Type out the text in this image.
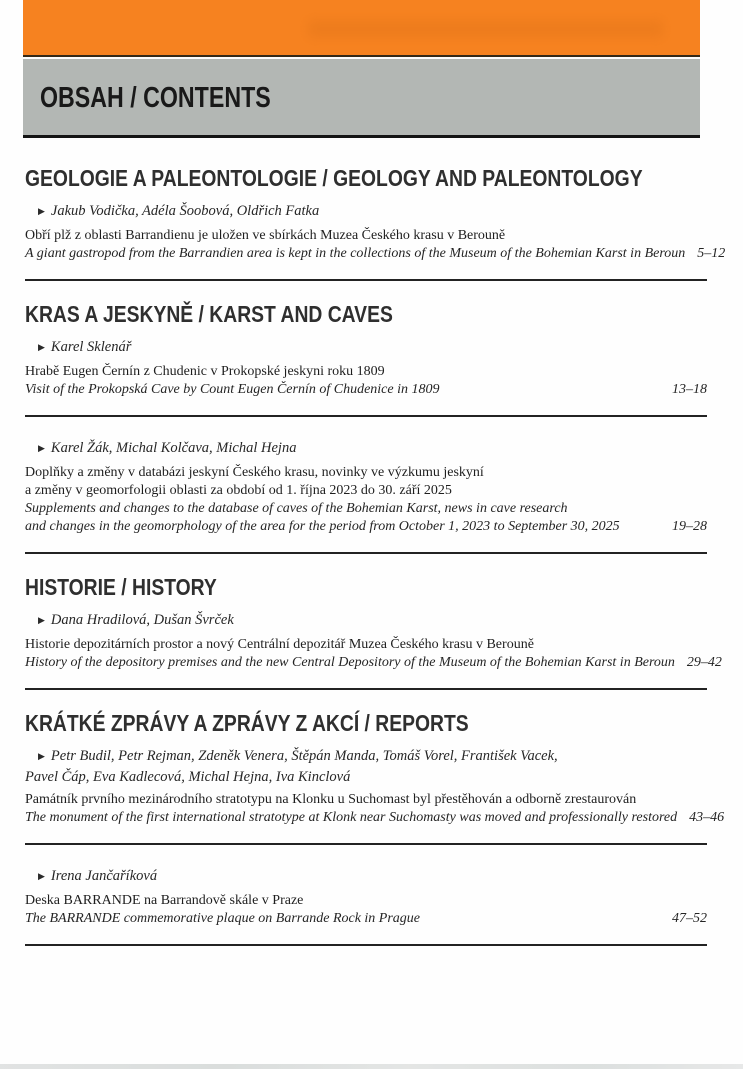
OBSAH / CONTENTS
GEOLOGIE A PALEONTOLOGIE / GEOLOGY AND PALEONTOLOGY
▶ Jakub Vodička, Adéla Šoobová, Oldřich Fatka
Obří plž z oblasti Barrandienu je uložen ve sbírkách Muzea Českého krasu v Berouně
A giant gastropod from the Barrandien area is kept in the collections of the Museum of the Bohemian Karst in Beroun 5–12
KRAS A JESKYNĚ / KARST AND CAVES
▶ Karel Sklenář
Hrabě Eugen Černín z Chudenic v Prokopské jeskyni roku 1809
Visit of the Prokopská Cave by Count Eugen Černín of Chudenice in 1809	13–18
▶ Karel Žák, Michal Kolčava, Michal Hejna
Doplňky a změny v databázi jeskyní Českého krasu, novinky ve výzkumu jeskyní
a změny v geomorfologii oblasti za období od 1. října 2023 do 30. září 2025
Supplements and changes to the database of caves of the Bohemian Karst, news in cave research
and changes in the geomorphology of the area for the period from October 1, 2023 to September 30, 2025	19–28
HISTORIE / HISTORY
▶ Dana Hradilová, Dušan Švrček
Historie depozitárních prostor a nový Centrální depozitář Muzea Českého krasu v Berouně
History of the depository premises and the new Central Depository of the Museum of the Bohemian Karst in Beroun 29–42
KRÁTKÉ ZPRÁVY A ZPRÁVY Z AKCÍ / REPORTS
▶ Petr Budil, Petr Rejman, Zdeněk Venera, Štěpán Manda, Tomáš Vorel, František Vacek,
Pavel Čáp, Eva Kadlecová, Michal Hejna, Iva Kinclová
Památník prvního mezinárodního stratotypu na Klonku u Suchomast byl přestěhován a odborně zrestaurován
The monument of the first international stratotype at Klonk near Suchomasty was moved and professionally restored 43–46
▶ Irena Jančaříková
Deska BARRANDE na Barrandově skále v Praze
The BARRANDE commemorative plaque on Barrande Rock in Prague	47–52
